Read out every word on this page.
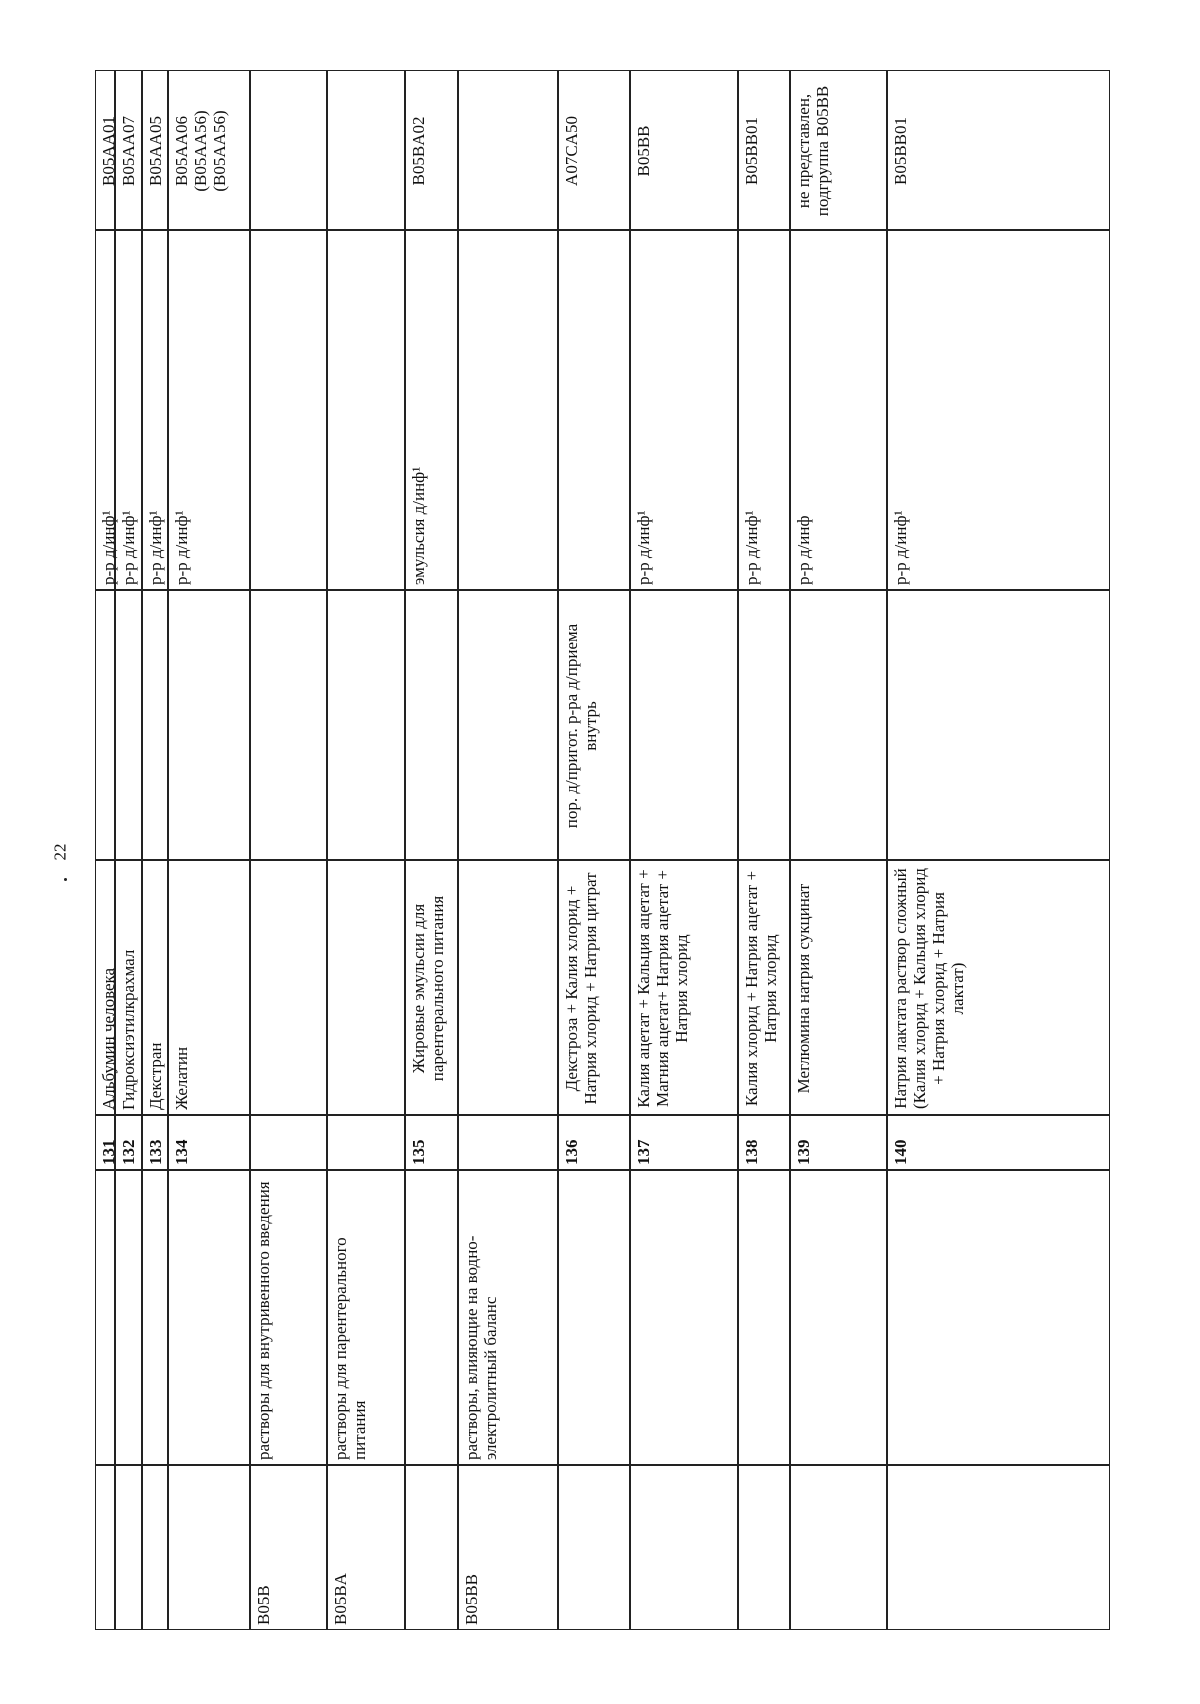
22
131
Альбумин человека
р-р д/инф¹
B05AA01
132
Гидроксиэтилкрахмал
р-р д/инф¹
B05AA07
133
Декстран
р-р д/инф¹
B05AA05
134
Желатин
р-р д/инф¹
B05AA06 (B05AA56) (B05AA56)
B05B
растворы для внутривенного введения
B05BA
растворы для парентерального питания
135
Жировые эмульсии для парентерального питания
эмульсия д/инф¹
B05BA02
B05BB
растворы, влияющие на водно-электролитный баланс
136
Декстроза + Калия хлорид + Натрия хлорид + Натрия цитрат
пор. д/пригот. р-ра д/приема внутрь
A07CA50
137
Калия ацетат + Кальция ацетат + Магния ацетат+ Натрия ацетат + Натрия хлорид
р-р д/инф¹
B05BB
138
Калия хлорид + Натрия ацетат + Натрия хлорид
р-р д/инф¹
B05BB01
139
Меглюмина натрия сукцинат
р-р д/инф
не представлен, подгруппа B05BB
140
Натрия лактата раствор сложный (Калия хлорид + Кальция хлорид + Натрия хлорид + Натрия лактат)
р-р д/инф¹
B05BB01
